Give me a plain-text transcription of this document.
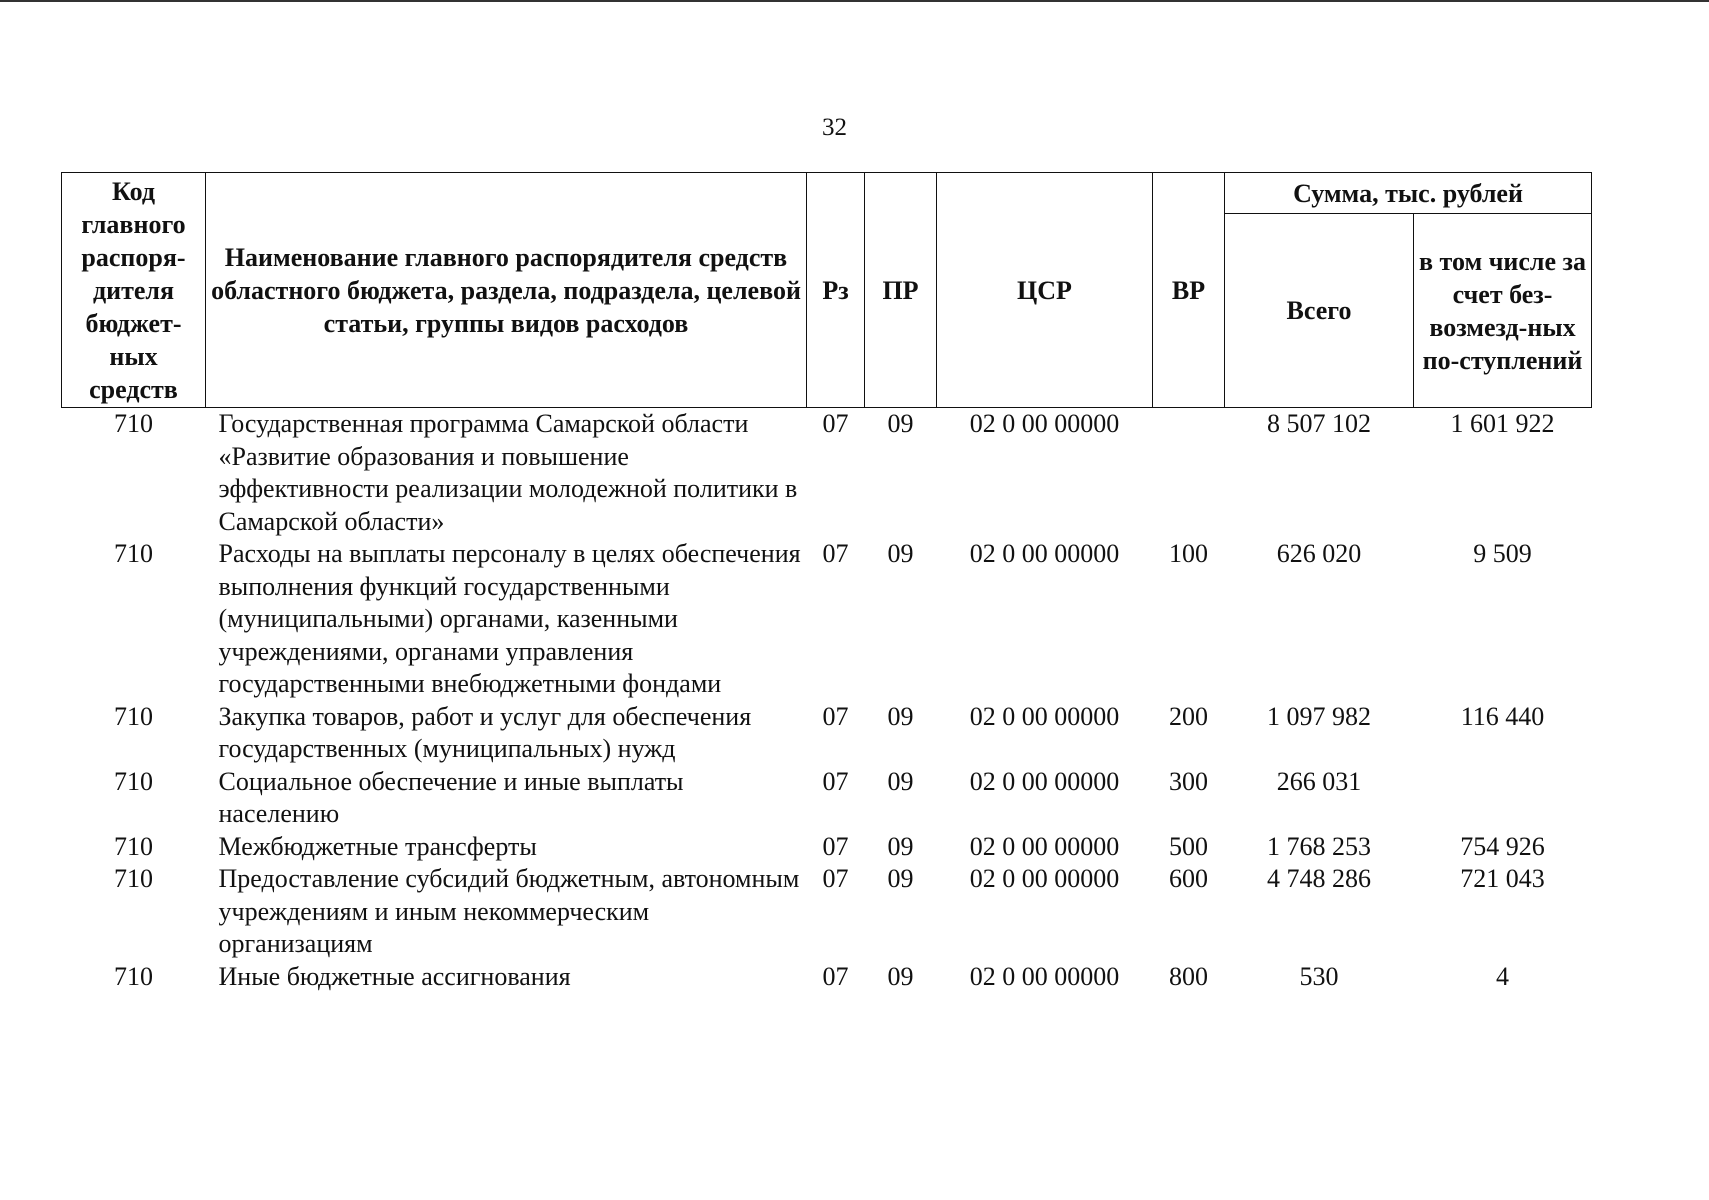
32
Код главного распоря-дителя бюджет-ных средств	Наименование главного распорядителя средств областного бюджета, раздела, подраздела, целевой статьи, группы видов расходов	Рз	ПР	ЦСР	ВР	Сумма, тыс. рублей	
						Всего	в том числе за счет без-возмезд-ных по-ступлений
710	Государственная программа Самарской области «Развитие образования и повышение эффективности реализации молодежной политики в Самарской области»	07	09	02 0 00 00000		8 507 102	1 601 922
710	Расходы на выплаты персоналу в целях обеспечения выполнения функций государственными (муниципальными) органами, казенными учреждениями, органами управления государственными внебюджетными фондами	07	09	02 0 00 00000	100	626 020	9 509
710	Закупка товаров, работ и услуг для обеспечения государственных (муниципальных) нужд	07	09	02 0 00 00000	200	1 097 982	116 440
710	Социальное обеспечение и иные выплаты населению	07	09	02 0 00 00000	300	266 031	
710	Межбюджетные трансферты	07	09	02 0 00 00000	500	1 768 253	754 926
710	Предоставление субсидий бюджетным, автономным учреждениям и иным некоммерческим организациям	07	09	02 0 00 00000	600	4 748 286	721 043
710	Иные бюджетные ассигнования	07	09	02 0 00 00000	800	530	4
